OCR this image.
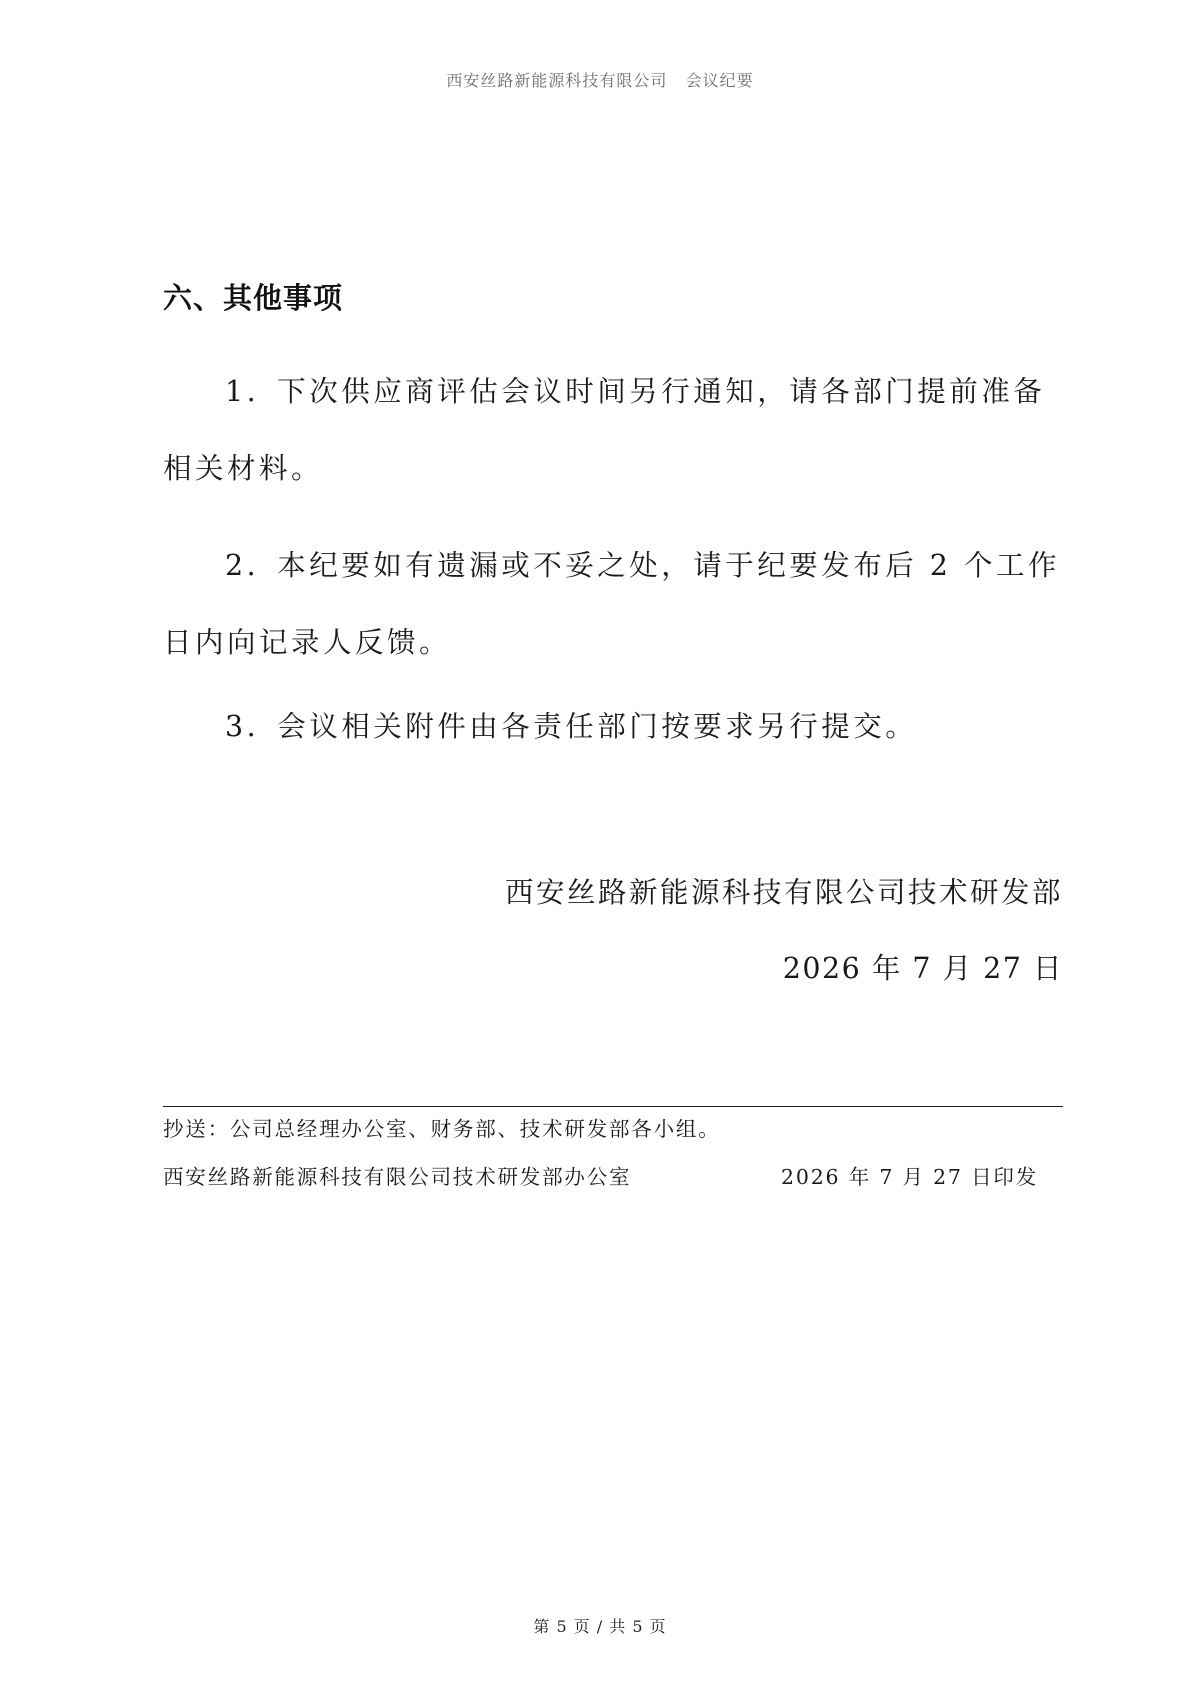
西安丝路新能源科技有限公司   会议纪要
六、其他事项
1. 下次供应商评估会议时间另行通知，请各部门提前准备相关材料。
2. 本纪要如有遗漏或不妥之处，请于纪要发布后 2 个工作日内向记录人反馈。
3. 会议相关附件由各责任部门按要求另行提交。
西安丝路新能源科技有限公司技术研发部
2026 年 7 月 27 日
抄送：公司总经理办公室、财务部、技术研发部各小组。
西安丝路新能源科技有限公司技术研发部办公室	2026 年 7 月 27 日印发
第 5 页 / 共 5 页
